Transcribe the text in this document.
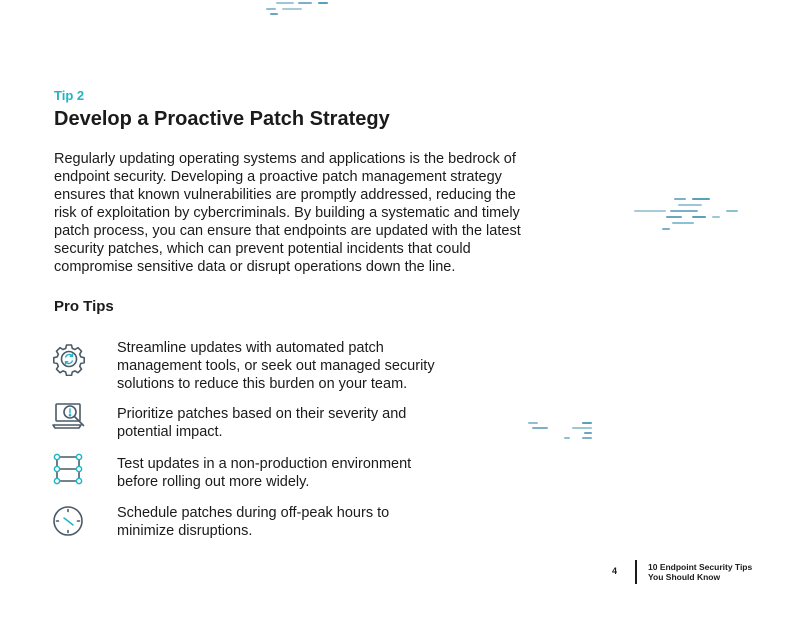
Tip 2
Develop a Proactive Patch Strategy

Regularly updating operating systems and applications is the bedrock of endpoint security. Developing a proactive patch management strategy ensures that known vulnerabilities are promptly addressed, reducing the risk of exploitation by cybercriminals. By building a systematic and timely patch process, you can ensure that endpoints are updated with the latest security patches, which can prevent potential incidents that could compromise sensitive data or disrupt operations down the line.

Pro Tips
Streamline updates with automated patch management tools, or seek out managed security solutions to reduce this burden on your team.
Prioritize patches based on their severity and potential impact.
Test updates in a non-production environment before rolling out more widely.
Schedule patches during off-peak hours to minimize disruptions.
4	10 Endpoint Security Tips You Should Know
